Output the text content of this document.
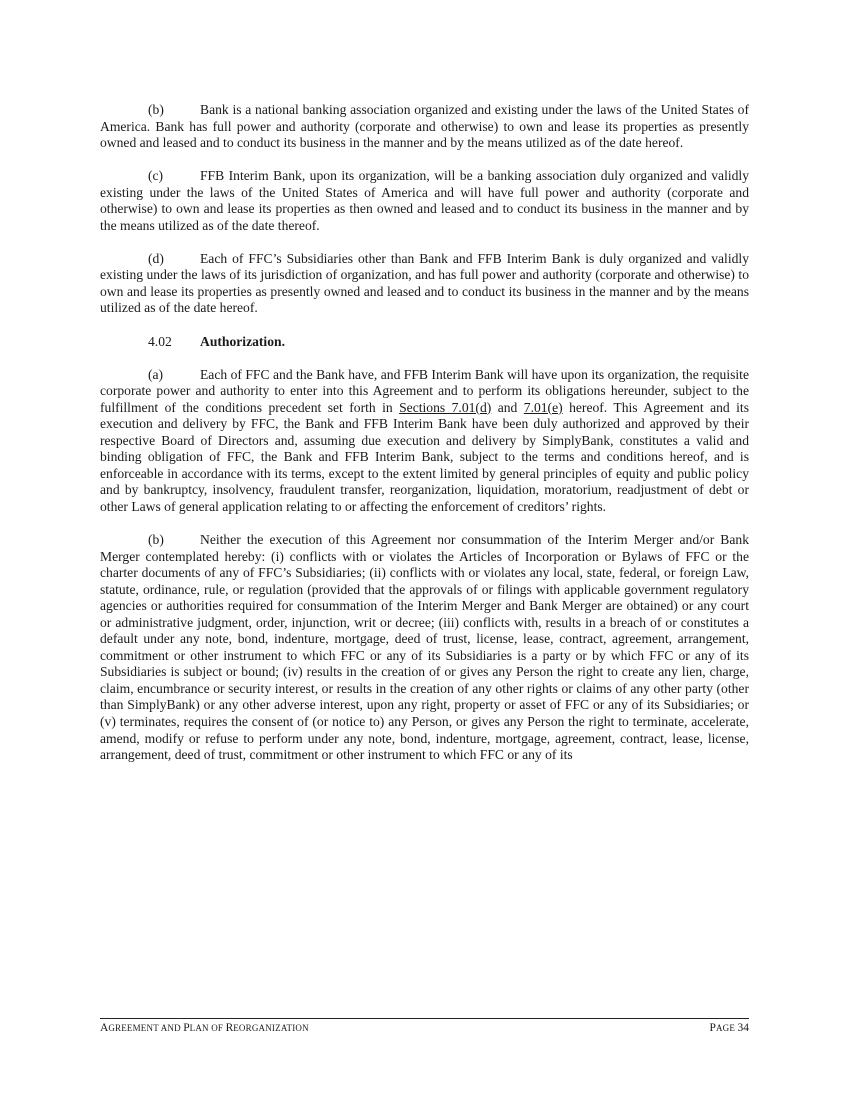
(b)	Bank is a national banking association organized and existing under the laws of the United States of America. Bank has full power and authority (corporate and otherwise) to own and lease its properties as presently owned and leased and to conduct its business in the manner and by the means utilized as of the date hereof.

(c)	FFB Interim Bank, upon its organization, will be a banking association duly organized and validly existing under the laws of the United States of America and will have full power and authority (corporate and otherwise) to own and lease its properties as then owned and leased and to conduct its business in the manner and by the means utilized as of the date thereof.

(d)	Each of FFC’s Subsidiaries other than Bank and FFB Interim Bank is duly organized and validly existing under the laws of its jurisdiction of organization, and has full power and authority (corporate and otherwise) to own and lease its properties as presently owned and leased and to conduct its business in the manner and by the means utilized as of the date hereof.

4.02 Authorization.

(a)	Each of FFC and the Bank have, and FFB Interim Bank will have upon its organization, the requisite corporate power and authority to enter into this Agreement and to perform its obligations hereunder, subject to the fulfillment of the conditions precedent set forth in Sections 7.01(d) and 7.01(e) hereof. This Agreement and its execution and delivery by FFC, the Bank and FFB Interim Bank have been duly authorized and approved by their respective Board of Directors and, assuming due execution and delivery by SimplyBank, constitutes a valid and binding obligation of FFC, the Bank and FFB Interim Bank, subject to the terms and conditions hereof, and is enforceable in accordance with its terms, except to the extent limited by general principles of equity and public policy and by bankruptcy, insolvency, fraudulent transfer, reorganization, liquidation, moratorium, readjustment of debt or other Laws of general application relating to or affecting the enforcement of creditors’ rights.

(b)	Neither the execution of this Agreement nor consummation of the Interim Merger and/or Bank Merger contemplated hereby: (i) conflicts with or violates the Articles of Incorporation or Bylaws of FFC or the charter documents of any of FFC’s Subsidiaries; (ii) conflicts with or violates any local, state, federal, or foreign Law, statute, ordinance, rule, or regulation (provided that the approvals of or filings with applicable government regulatory agencies or authorities required for consummation of the Interim Merger and Bank Merger are obtained) or any court or administrative judgment, order, injunction, writ or decree; (iii) conflicts with, results in a breach of or constitutes a default under any note, bond, indenture, mortgage, deed of trust, license, lease, contract, agreement, arrangement, commitment or other instrument to which FFC or any of its Subsidiaries is a party or by which FFC or any of its Subsidiaries is subject or bound; (iv) results in the creation of or gives any Person the right to create any lien, charge, claim, encumbrance or security interest, or results in the creation of any other rights or claims of any other party (other than SimplyBank) or any other adverse interest, upon any right, property or asset of FFC or any of its Subsidiaries; or (v) terminates, requires the consent of (or notice to) any Person, or gives any Person the right to terminate, accelerate, amend, modify or refuse to perform under any note, bond, indenture, mortgage, agreement, contract, lease, license, arrangement, deed of trust, commitment or other instrument to which FFC or any of its

AGREEMENT AND PLAN OF REORGANIZATION	PAGE 34
